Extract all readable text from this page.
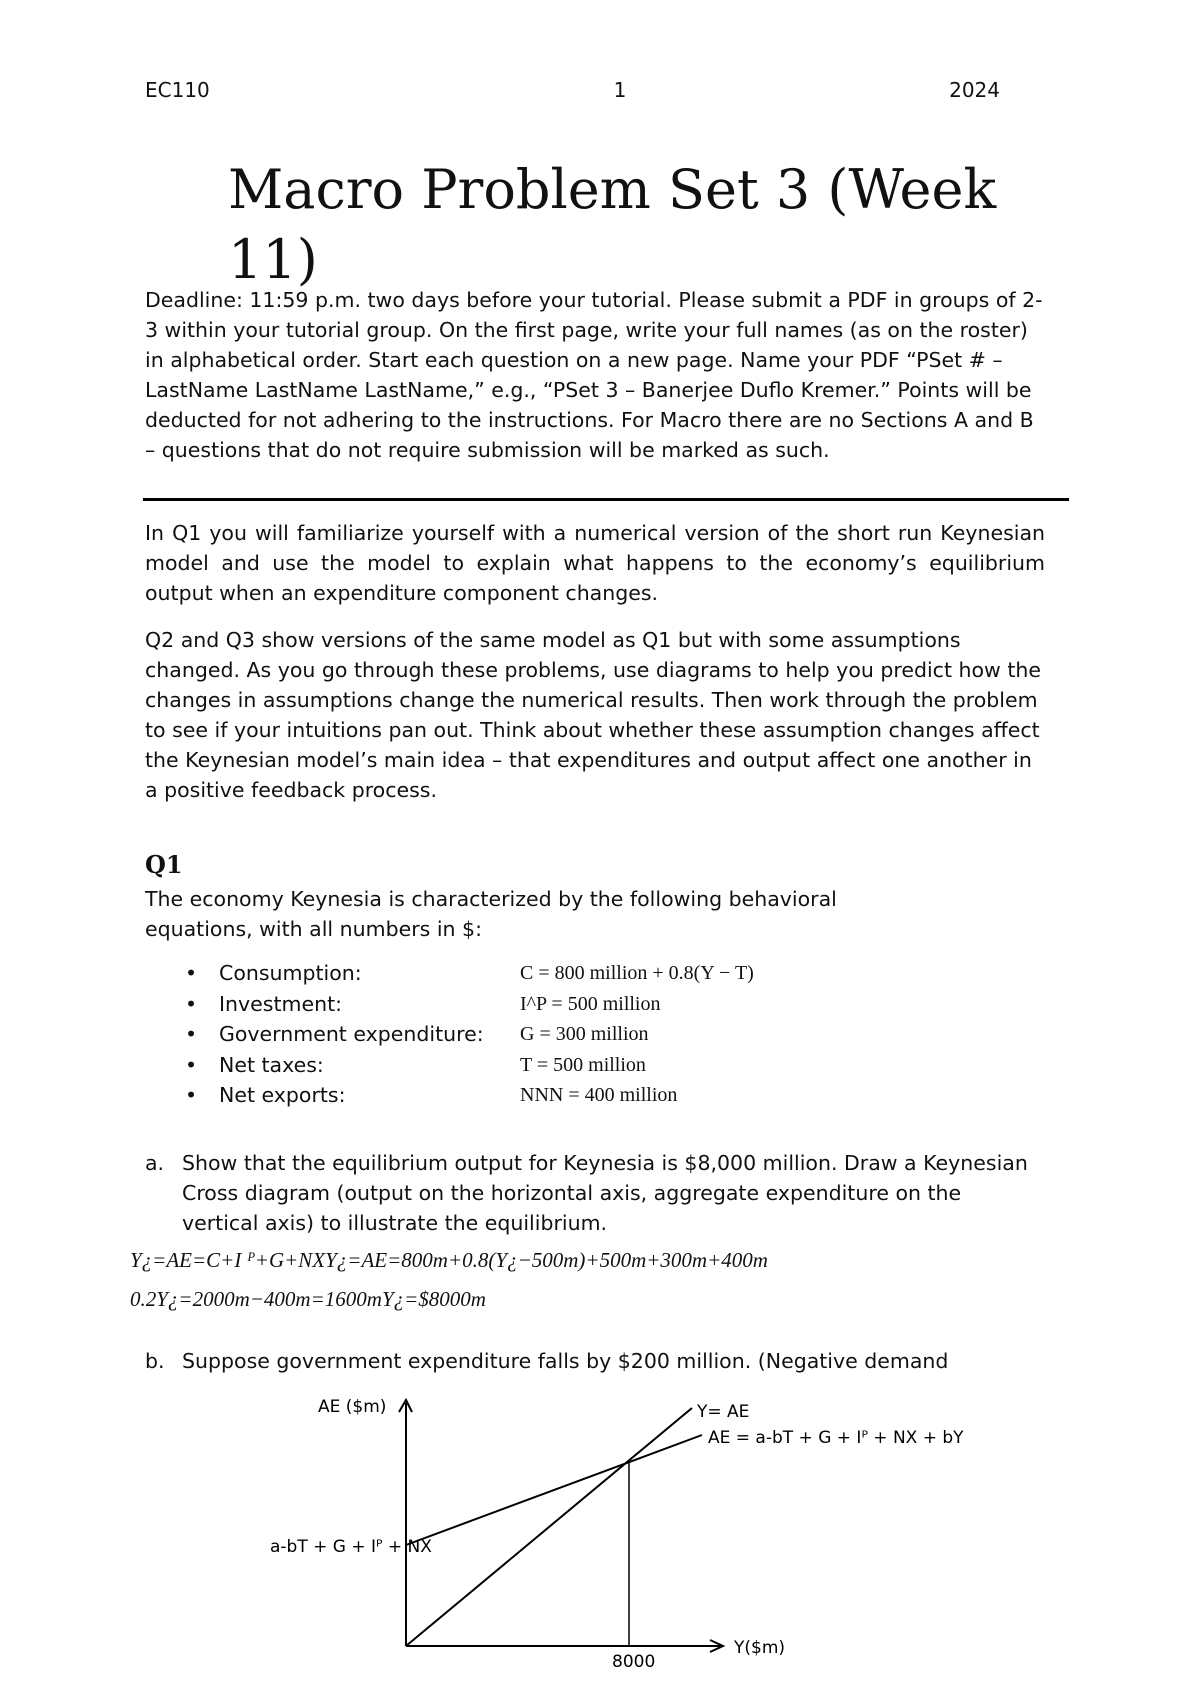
EC110	1	2024
Macro Problem Set 3 (Week 11)
Deadline: 11:59 p.m. two days before your tutorial. Please submit a PDF in groups of 2-3 within your tutorial group. On the first page, write your full names (as on the roster) in alphabetical order. Start each question on a new page. Name your PDF “PSet # – LastName LastName LastName,” e.g., “PSet 3 – Banerjee Duflo Kremer.” Points will be deducted for not adhering to the instructions. For Macro there are no Sections A and B – questions that do not require submission will be marked as such.
In Q1 you will familiarize yourself with a numerical version of the short run Keynesian model and use the model to explain what happens to the economy’s equilibrium output when an expenditure component changes.
Q2 and Q3 show versions of the same model as Q1 but with some assumptions changed. As you go through these problems, use diagrams to help you predict how the changes in assumptions change the numerical results. Then work through the problem to see if your intuitions pan out. Think about whether these assumption changes affect the Keynesian model’s main idea – that expenditures and output affect one another in a positive feedback process.
Q1
The economy Keynesia is characterized by the following behavioral equations, with all numbers in $:
• Consumption:	C = 800 million + 0.8(Y − T)
• Investment:	I^P = 500 million
• Government expenditure: G = 300 million
• Net taxes:	T = 500 million
• Net exports:	NNN = 400 million
a. Show that the equilibrium output for Keynesia is $8,000 million. Draw a Keynesian Cross diagram (output on the horizontal axis, aggregate expenditure on the vertical axis) to illustrate the equilibrium.
Y¿=AE=C+I ᴾ+G+NXY¿=AE=800m+0.8(Y¿−500m)+500m+300m+400m
0.2Y¿=2000m−400m=1600mY¿=$8000m
b. Suppose government expenditure falls by $200 million. (Negative demand
AE ($m)
Y($m)
Y= AE
AE = a-bT + G + Iᴾ + NX + bY
a-bT + G + Iᴾ + NX
8000
